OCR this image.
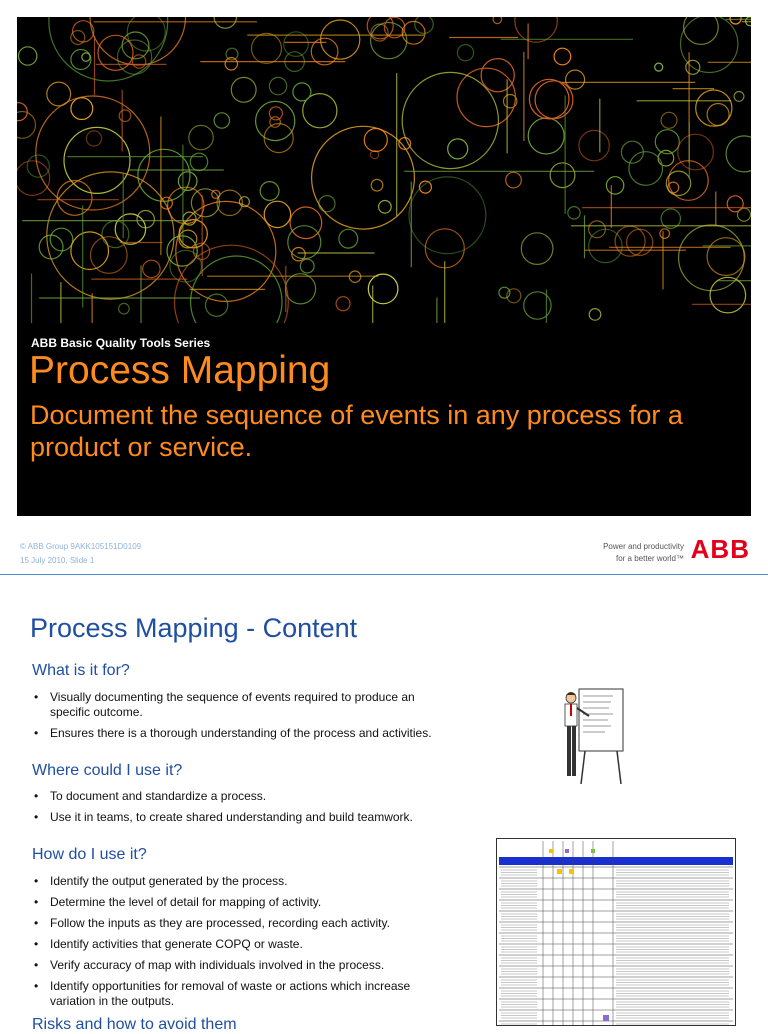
ABB Basic Quality Tools Series
Process Mapping
Document the sequence of events in any process for a product or service.
© ABB Group 9AKK105151D0109
15 July 2010, Slide 1
Power and productivity
for a better world™ ABB
Process Mapping - Content
What is it for?
• Visually documenting the sequence of events required to produce an specific outcome.
• Ensures there is a thorough understanding of the process and activities.
Where could I use it?
• To document and standardize a process.
• Use it in teams, to create shared understanding and build teamwork.
How do I use it?
• Identify the output generated by the process.
• Determine the level of detail for mapping of activity.
• Follow the inputs as they are processed, recording each activity.
• Identify activities that generate COPQ or waste.
• Verify accuracy of map with individuals involved in the process.
• Identify opportunities for removal of waste or actions which increase variation in the outputs.
Risks and how to avoid them
